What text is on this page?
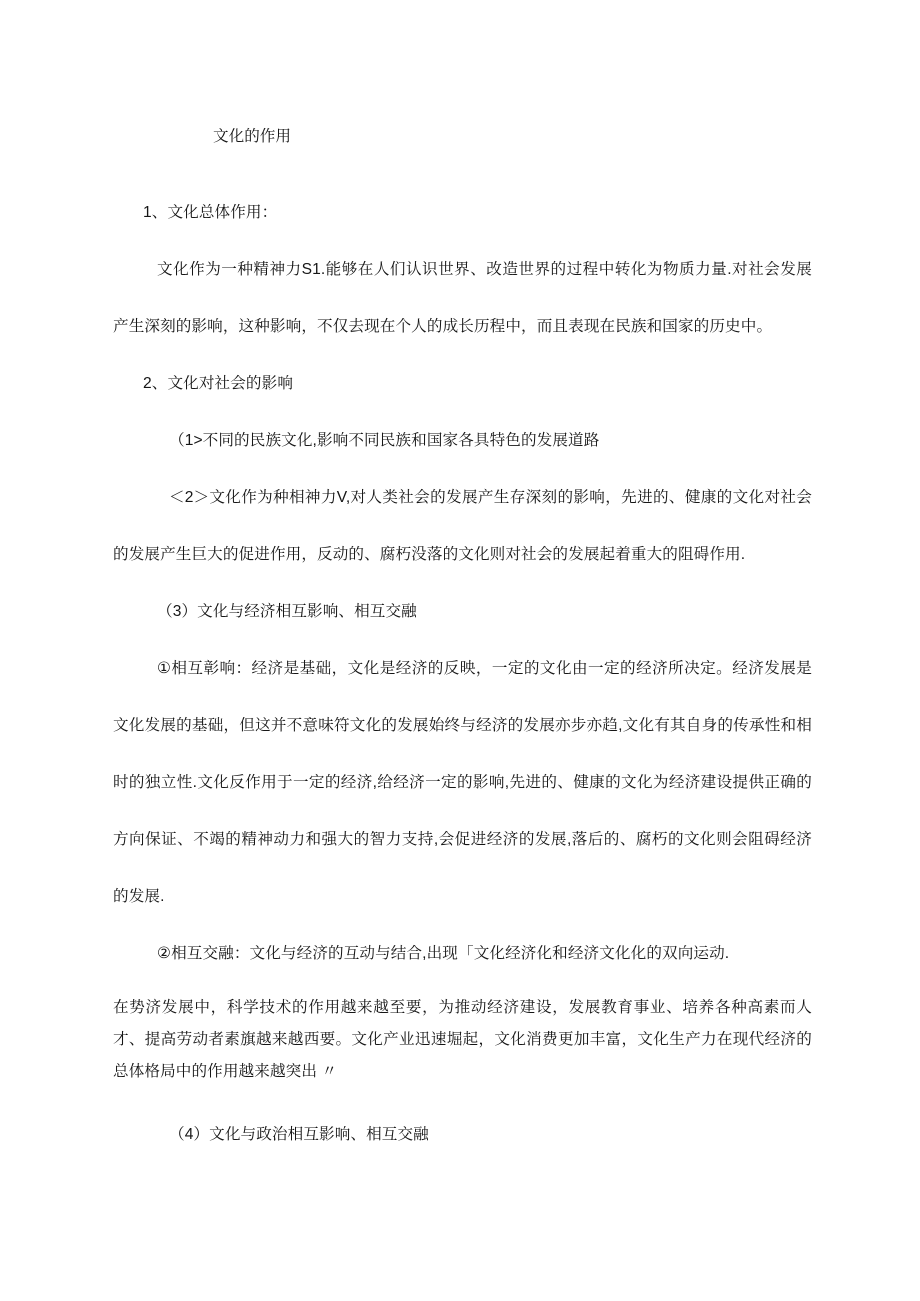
文化的作用

1、文化总体作用：

文化作为一种精神力S1.能够在人们认识世界、改造世界的过程中转化为物质力量.对社会发展产生深刻的影响，这种影响，不仅去现在个人的成长历程中，而且表现在民族和国家的历史中。

2、文化对社会的影响

（1>不同的民族文化,影响不同民族和国家各具特色的发展道路

＜2＞文化作为种相神力V,对人类社会的发展产生存深刻的影响，先进的、健康的文化对社会的发展产生巨大的促进作用，反动的、腐朽没落的文化则对社会的发展起着重大的阻碍作用.

（3）文化与经济相互影响、相互交融

①相互彰响：经济是基础，文化是经济的反映，一定的文化由一定的经济所决定。经济发展是文化发展的基础，但这并不意味符文化的发展始终与经济的发展亦步亦趋,文化有其自身的传承性和相时的独立性.文化反作用于一定的经济,给经济一定的影响,先进的、健康的文化为经济建设提供正确的方向保证、不竭的精神动力和强大的智力支持,会促进经济的发展,落后的、腐朽的文化则会阻碍经济的发展.

②相互交融：文化与经济的互动与结合,出现「文化经济化和经济文化化的双向运动.

在势济发展中，科学技术的作用越来越至要，为推动经济建设，发展教育事业、培养各种高素而人才、提高劳动者素旗越来越西要。文化产业迅速堀起，文化消费更加丰富，文化生产力在现代经济的总体格局中的作用越来越突出 〃

（4）文化与政治相互影响、相互交融
